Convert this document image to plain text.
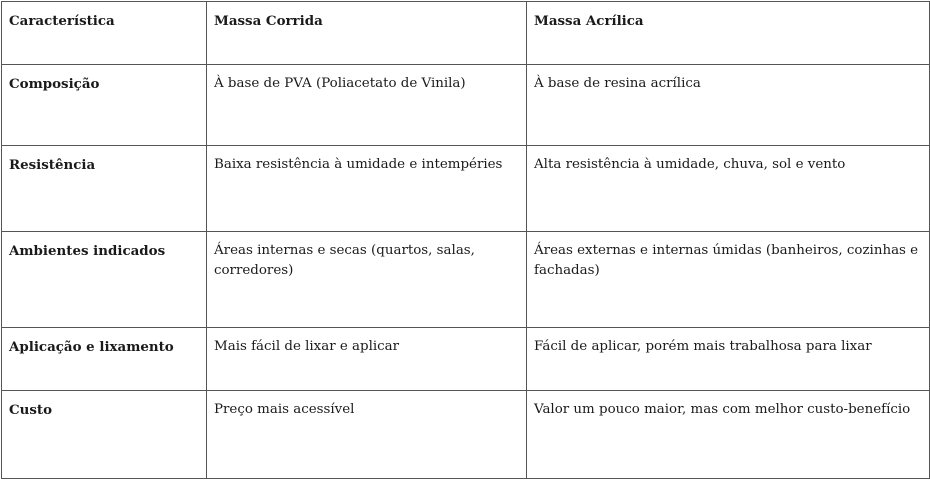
Característica	Massa Corrida	Massa Acrílica
Composição	À base de PVA (Poliacetato de Vinila)	À base de resina acrílica
Resistência	Baixa resistência à umidade e intempéries	Alta resistência à umidade, chuva, sol e vento
Ambientes indicados	Áreas internas e secas (quartos, salas, corredores)	Áreas externas e internas úmidas (banheiros, cozinhas e fachadas)
Aplicação e lixamento	Mais fácil de lixar e aplicar	Fácil de aplicar, porém mais trabalhosa para lixar
Custo	Preço mais acessível	Valor um pouco maior, mas com melhor custo-benefício
